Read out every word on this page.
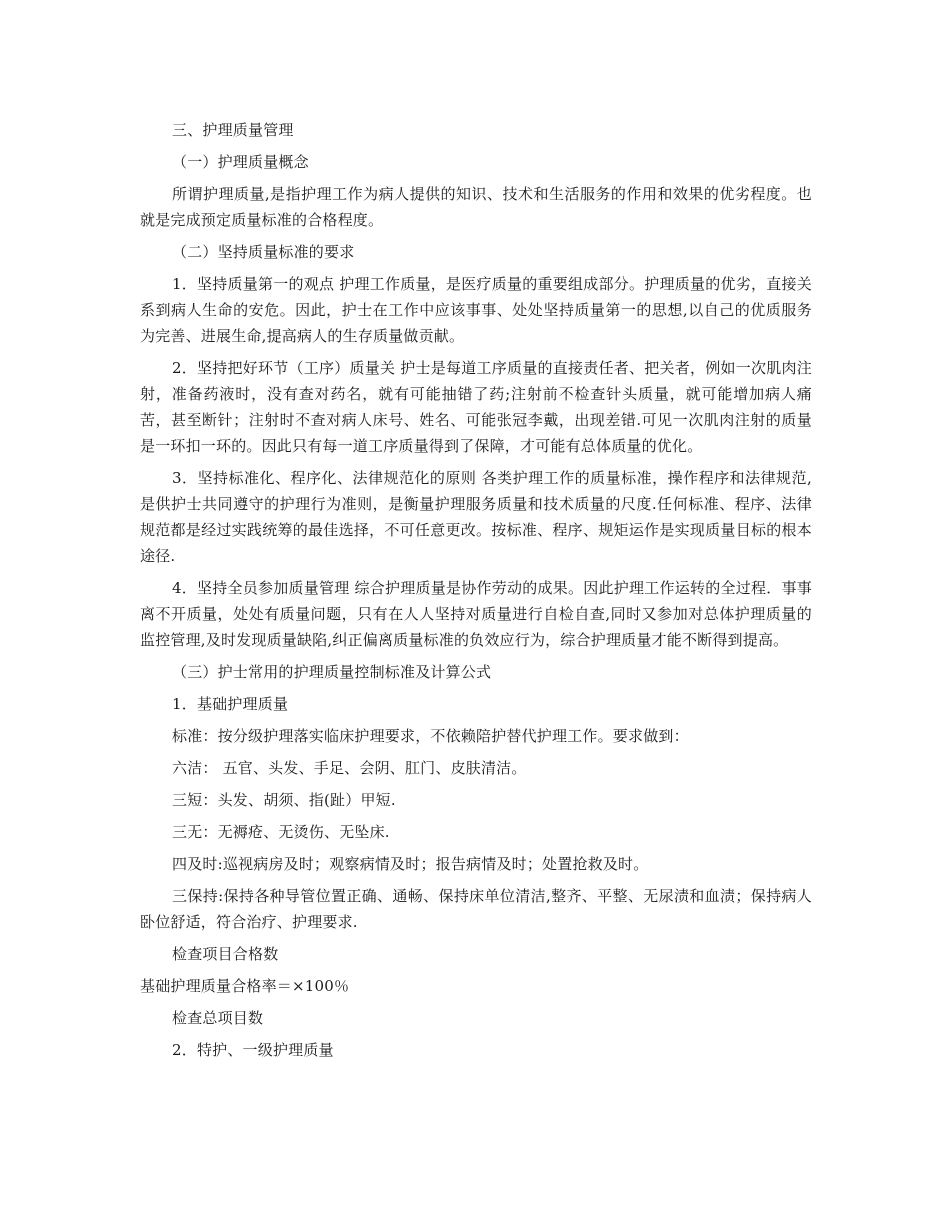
三、护理质量管理

（一）护理质量概念

所谓护理质量,是指护理工作为病人提供的知识、技术和生活服务的作用和效果的优劣程度。也就是完成预定质量标准的合格程度。

（二）坚持质量标准的要求

1．坚持质量第一的观点 护理工作质量，是医疗质量的重要组成部分。护理质量的优劣，直接关系到病人生命的安危。因此，护士在工作中应该事事、处处坚持质量第一的思想,以自己的优质服务为完善、进展生命,提高病人的生存质量做贡献。

2．坚持把好环节（工序）质量关 护士是每道工序质量的直接责任者、把关者，例如一次肌肉注射，准备药液时，没有查对药名，就有可能抽错了药;注射前不检查针头质量，就可能增加病人痛苦，甚至断针；注射时不查对病人床号、姓名、可能张冠李戴，出现差错.可见一次肌肉注射的质量是一环扣一环的。因此只有每一道工序质量得到了保障，才可能有总体质量的优化。

3．坚持标准化、程序化、法律规范化的原则 各类护理工作的质量标准，操作程序和法律规范,是供护士共同遵守的护理行为准则，是衡量护理服务质量和技术质量的尺度.任何标准、程序、法律规范都是经过实践统筹的最佳选择，不可任意更改。按标准、程序、规矩运作是实现质量目标的根本途径.

4．坚持全员参加质量管理 综合护理质量是协作劳动的成果。因此护理工作运转的全过程．事事离不开质量，处处有质量问题，只有在人人坚持对质量进行自检自查,同时又参加对总体护理质量的监控管理,及时发现质量缺陷,纠正偏离质量标准的负效应行为，综合护理质量才能不断得到提高。

（三）护士常用的护理质量控制标准及计算公式

1．基础护理质量

标准：按分级护理落实临床护理要求，不依赖陪护替代护理工作。要求做到：

六洁： 五官、头发、手足、会阴、肛门、皮肤清洁。

三短：头发、胡须、指(趾）甲短.

三无：无褥疮、无烫伤、无坠床.

四及时:巡视病房及时；观察病情及时；报告病情及时；处置抢救及时。

三保持:保持各种导管位置正确、通畅、保持床单位清洁,整齐、平整、无尿渍和血渍；保持病人卧位舒适，符合治疗、护理要求.

检查项目合格数

基础护理质量合格率＝×100％

检查总项目数

2．特护、一级护理质量
